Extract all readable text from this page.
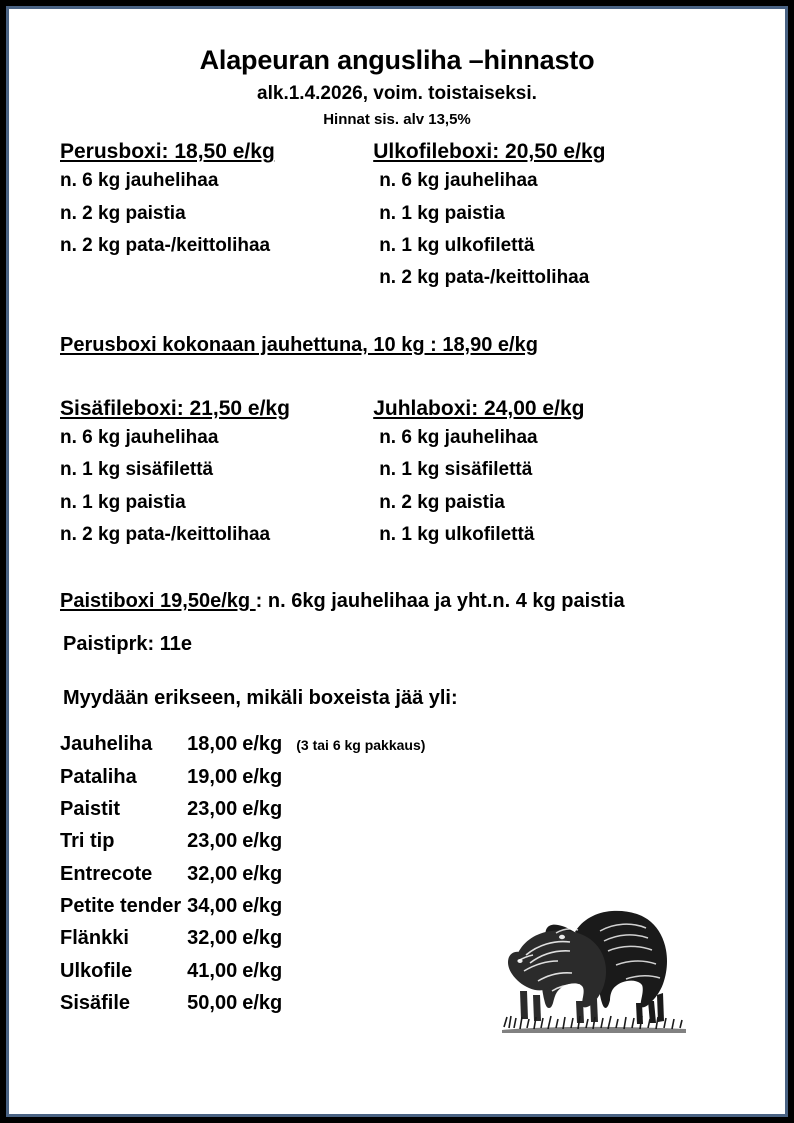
Alapeuran angusliha –hinnasto
alk.1.4.2026, voim. toistaiseksi.
Hinnat sis. alv 13,5%
Perusboxi: 18,50 e/kg
n. 6 kg jauhelihaa
n. 2 kg paistia
n. 2 kg pata-/keittolihaa
Ulkofileboxi: 20,50 e/kg
n. 6 kg jauhelihaa
n. 1 kg paistia
n. 1 kg ulkofilettä
n. 2 kg pata-/keittolihaa
Perusboxi kokonaan jauhettuna, 10 kg : 18,90 e/kg
Sisäfileboxi: 21,50 e/kg
n. 6 kg jauhelihaa
n. 1 kg sisäfilettä
n. 1 kg paistia
n. 2 kg pata-/keittolihaa
Juhlaboxi: 24,00 e/kg
n. 6 kg jauhelihaa
n. 1 kg sisäfilettä
n. 2 kg paistia
n. 1 kg ulkofilettä
Paistiboxi 19,50e/kg : n. 6kg jauhelihaa ja yht.n. 4 kg paistia
Paistiprk: 11e
Myydään erikseen, mikäli boxeista jää yli:
Jauheliha	18,00	e/kg	(3 tai 6 kg pakkaus)
Pataliha	19,00	e/kg	
Paistit	23,00	e/kg	
Tri tip	23,00	e/kg	
Entrecote	32,00	e/kg	
Petite tender	34,00	e/kg	
Flänkki	32,00	e/kg	
Ulkofile	41,00	e/kg	
Sisäfile	50,00	e/kg	
